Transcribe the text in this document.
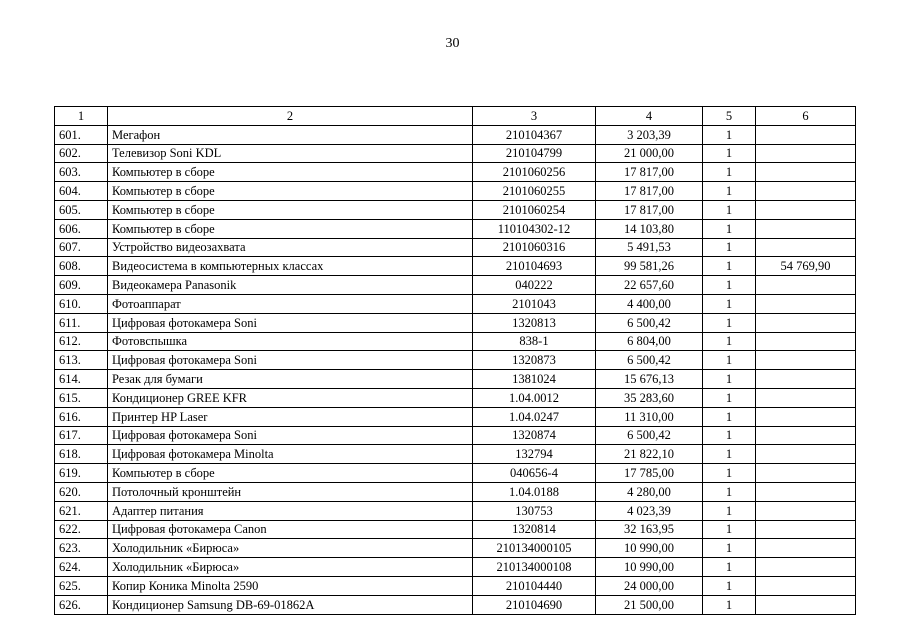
30
1	2	3	4	5	6
601.	Мегафон	210104367	3 203,39	1	
602.	Телевизор Soni KDL	210104799	21 000,00	1	
603.	Компьютер в сборе	2101060256	17 817,00	1	
604.	Компьютер в сборе	2101060255	17 817,00	1	
605.	Компьютер в сборе	2101060254	17 817,00	1	
606.	Компьютер в сборе	110104302-12	14 103,80	1	
607.	Устройство видеозахвата	2101060316	5 491,53	1	
608.	Видеосистема в компьютерных классах	210104693	99 581,26	1	54 769,90
609.	Видеокамера Panasonik	040222	22 657,60	1	
610.	Фотоаппарат	2101043	4 400,00	1	
611.	Цифровая фотокамера Soni	1320813	6 500,42	1	
612.	Фотовспышка	838-1	6 804,00	1	
613.	Цифровая фотокамера Soni	1320873	6 500,42	1	
614.	Резак для бумаги	1381024	15 676,13	1	
615.	Кондиционер GREE KFR	1.04.0012	35 283,60	1	
616.	Принтер HP Laser	1.04.0247	11 310,00	1	
617.	Цифровая фотокамера Soni	1320874	6 500,42	1	
618.	Цифровая фотокамера Minolta	132794	21 822,10	1	
619.	Компьютер в сборе	040656-4	17 785,00	1	
620.	Потолочный кронштейн	1.04.0188	4 280,00	1	
621.	Адаптер питания	130753	4 023,39	1	
622.	Цифровая фотокамера Canon	1320814	32 163,95	1	
623.	Холодильник «Бирюса»	210134000105	10 990,00	1	
624.	Холодильник «Бирюса»	210134000108	10 990,00	1	
625.	Копир Коника Minolta 2590	210104440	24 000,00	1	
626.	Кондиционер Samsung DB-69-01862A	210104690	21 500,00	1	
